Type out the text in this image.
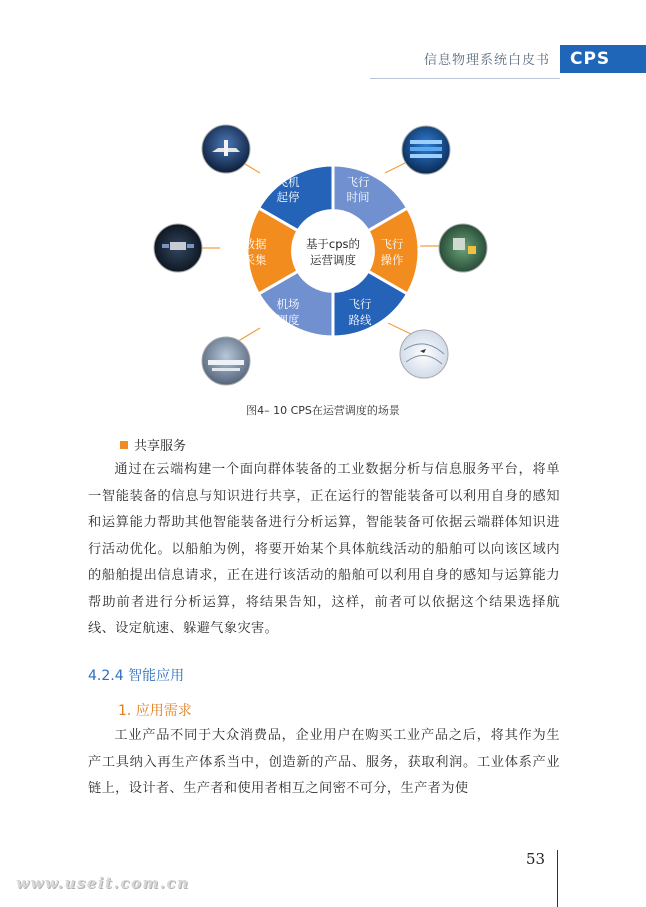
信息物理系统白皮书	CPS
基于cps的
运营调度
飞机
起停
飞行
时间
飞行
操作
飞行
路线
机场
调度
数据
采集
图4– 10 CPS在运营调度的场景
共享服务

通过在云端构建一个面向群体装备的工业数据分析与信息服务平台，将单一智能装备的信息与知识进行共享，正在运行的智能装备可以利用自身的感知和运算能力帮助其他智能装备进行分析运算，智能装备可依据云端群体知识进行活动优化。以船舶为例，将要开始某个具体航线活动的船舶可以向该区域内的船舶提出信息请求，正在进行该活动的船舶可以利用自身的感知与运算能力帮助前者进行分析运算，将结果告知，这样，前者可以依据这个结果选择航线、设定航速、躲避气象灾害。

4.2.4 智能应用
1. 应用需求

工业产品不同于大众消费品，企业用户在购买工业产品之后，将其作为生产工具纳入再生产体系当中，创造新的产品、服务，获取利润。工业体系产业链上，设计者、生产者和使用者相互之间密不可分，生产者为使

53
www.useit.com.cn
